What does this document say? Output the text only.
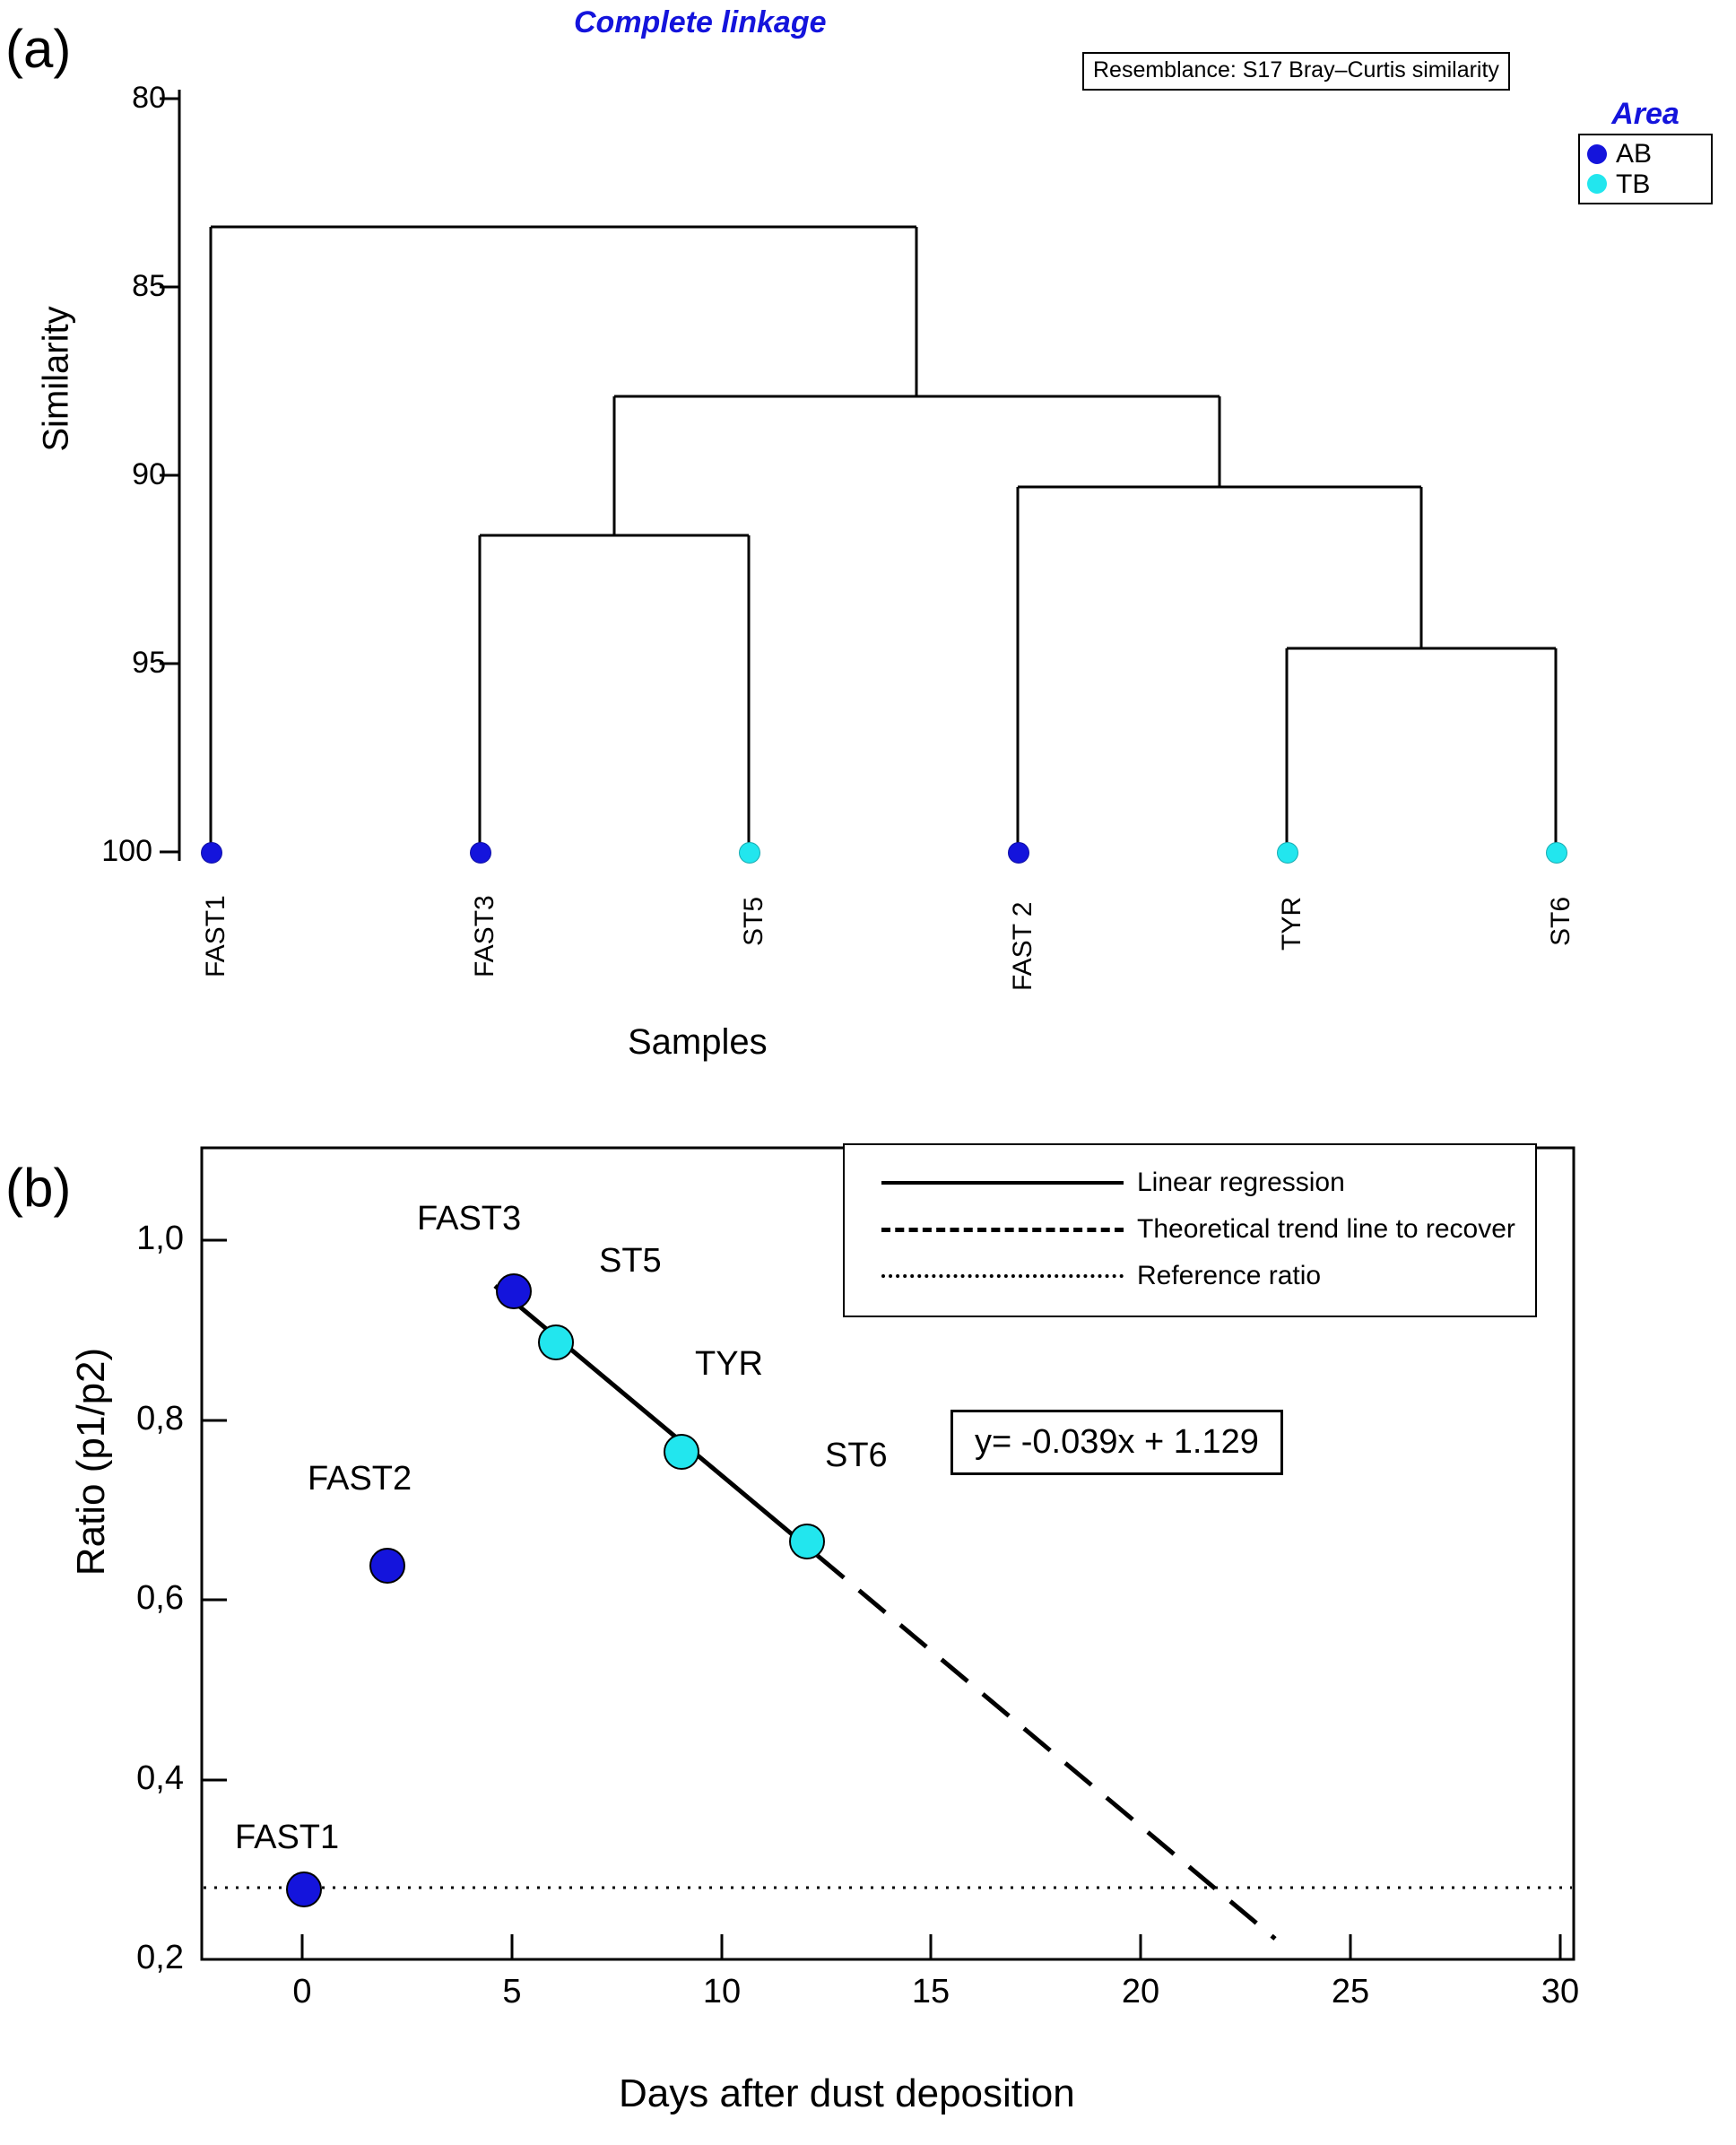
(a)	Complete linkage
Resemblance: S17 Bray–Curtis similarity
Area
AB
TB
Similarity
Samples
80
85
90
95
100
FAST1	FAST3	ST5	FAST 2	TYR	ST6
(b)
Ratio (p1/p2)
Days after dust deposition
0,2
0,4
0,6
0,8
1,0
0	5	10	15	20	25	30
FAST2
FAST3
ST5
TYR
ST6
FAST1
Linear regression
Theoretical trend line to recover
Reference ratio
y= -0.039x + 1.129
